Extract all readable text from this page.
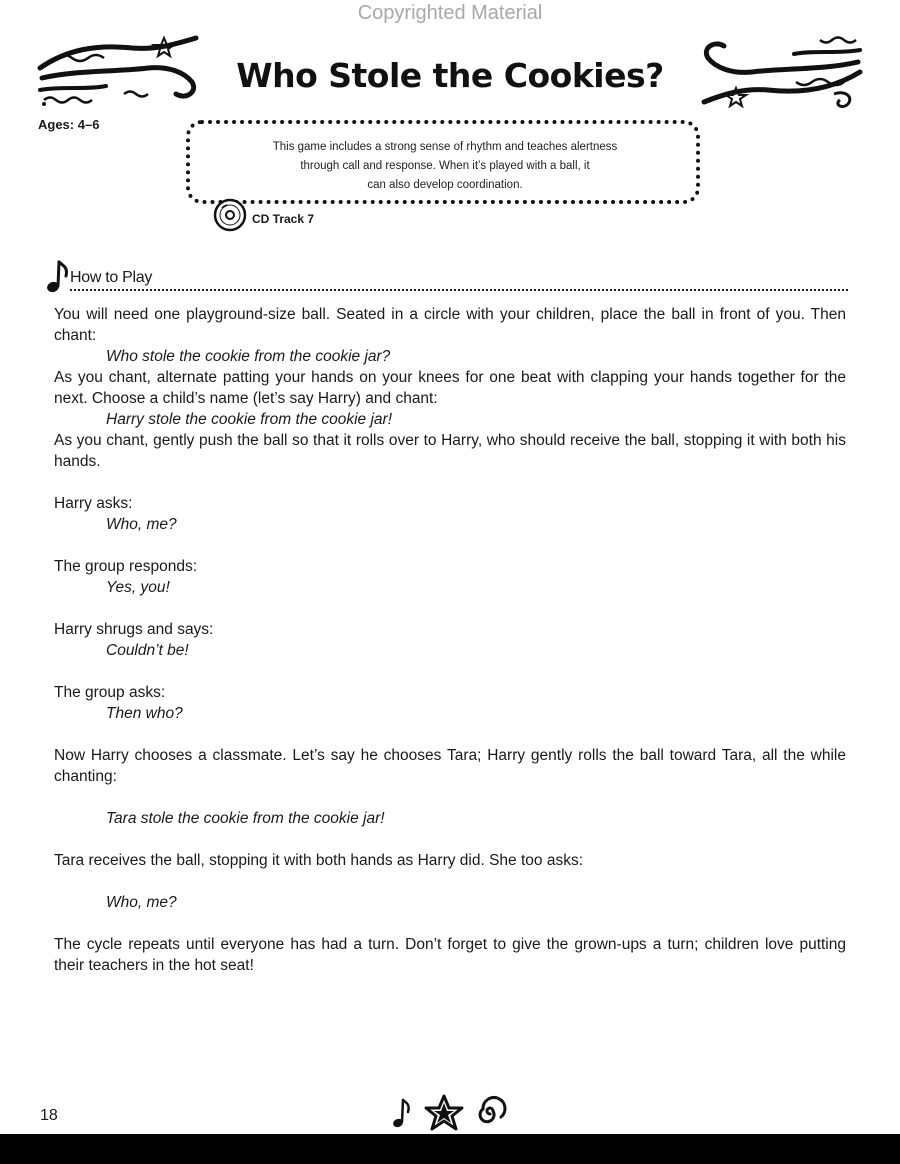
Copyrighted Material
Who Stole the Cookies?
Ages: 4–6
This game includes a strong sense of rhythm and teaches alertness
through call and response. When it’s played with a ball, it
can also develop coordination.
CD Track 7
How to Play

You will need one playground-size ball. Seated in a circle with your children, place the ball in front of you. Then chant:

Who stole the cookie from the cookie jar?

As you chant, alternate patting your hands on your knees for one beat with clapping your hands together for the next. Choose a child’s name (let’s say Harry) and chant:

Harry stole the cookie from the cookie jar!

As you chant, gently push the ball so that it rolls over to Harry, who should receive the ball, stopping it with both his hands.

Harry asks:

Who, me?

The group responds:

Yes, you!

Harry shrugs and says:

Couldn’t be!

The group asks:

Then who?

Now Harry chooses a classmate. Let’s say he chooses Tara; Harry gently rolls the ball toward Tara, all the while chanting:

Tara stole the cookie from the cookie jar!

Tara receives the ball, stopping it with both hands as Harry did. She too asks:

Who, me?

The cycle repeats until everyone has had a turn. Don’t forget to give the grown-ups a turn; children love putting their teachers in the hot seat!

18
